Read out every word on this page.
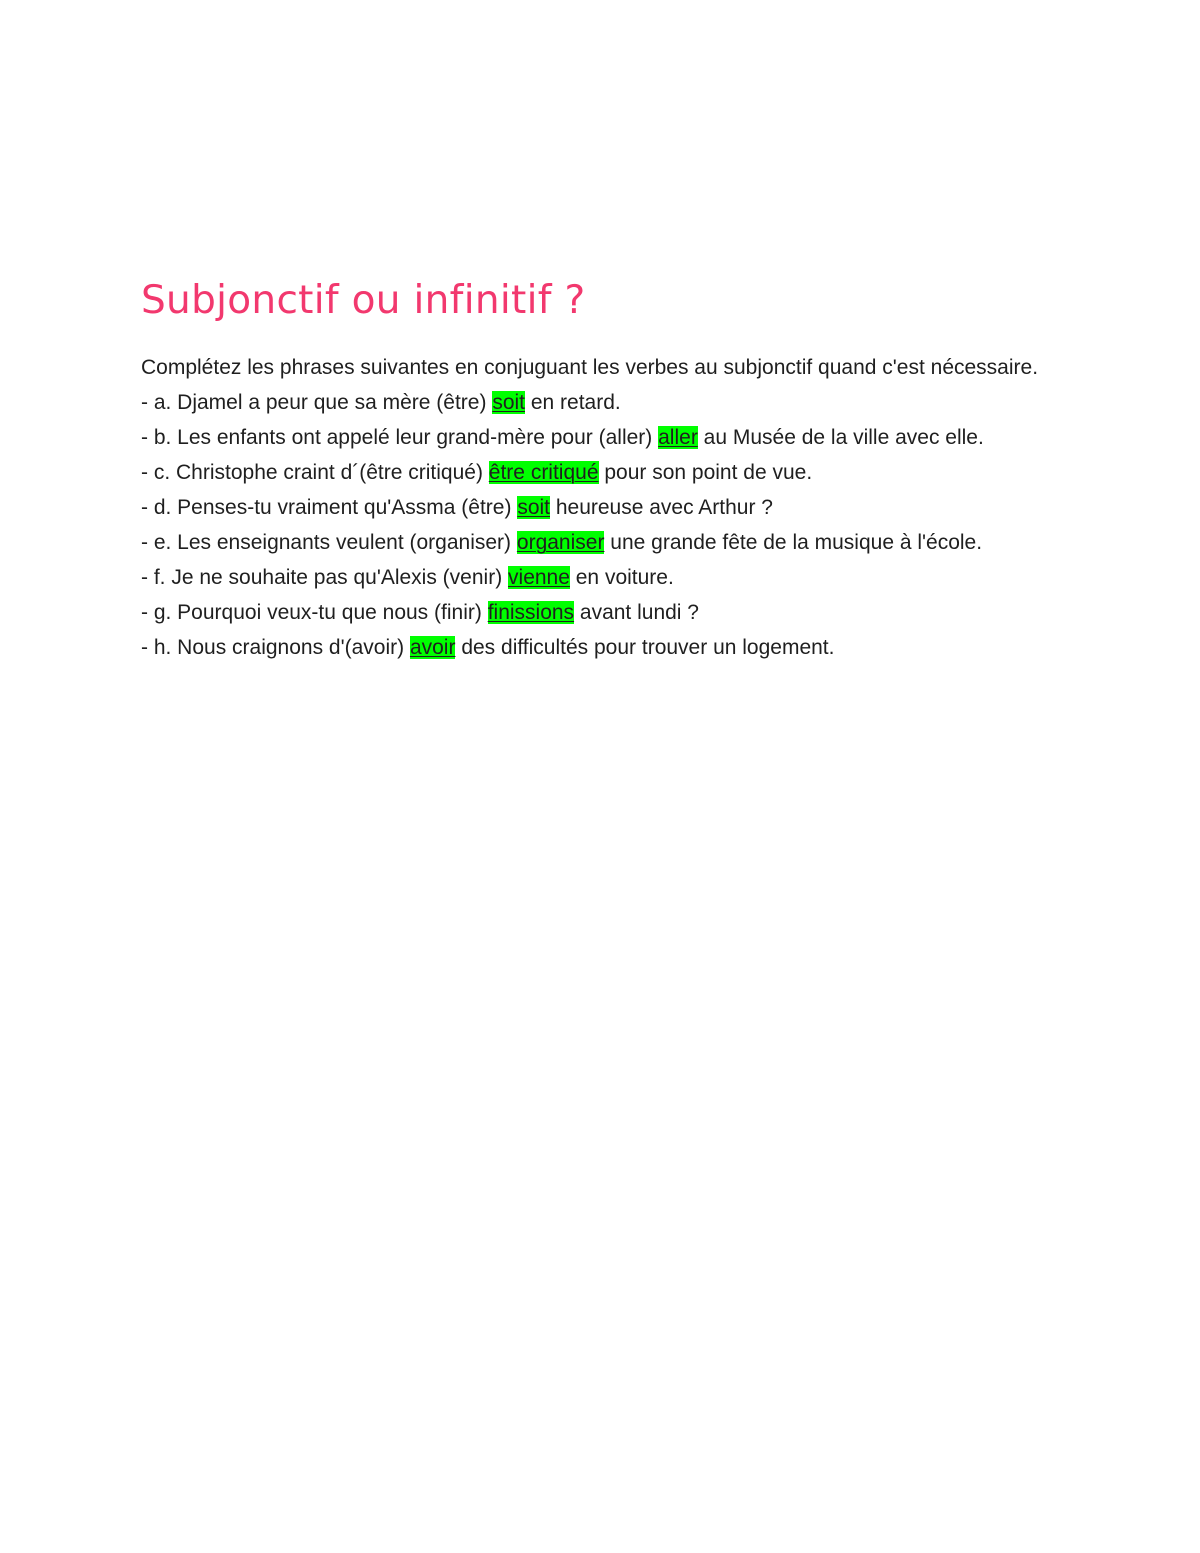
Subjonctif ou infinitif ?

Complétez les phrases suivantes en conjuguant les verbes au subjonctif quand c'est nécessaire.

- a. Djamel a peur que sa mère (être) soit en retard.

- b. Les enfants ont appelé leur grand-mère pour (aller) aller au Musée de la ville avec elle.

- c. Christophe craint d´(être critiqué) être critiqué pour son point de vue.

- d. Penses-tu vraiment qu'Assma (être) soit heureuse avec Arthur ?

- e. Les enseignants veulent (organiser) organiser une grande fête de la musique à l'école.

- f. Je ne souhaite pas qu'Alexis (venir) vienne en voiture.

- g. Pourquoi veux-tu que nous (finir) finissions avant lundi ?

- h. Nous craignons d'(avoir) avoir des difficultés pour trouver un logement.
